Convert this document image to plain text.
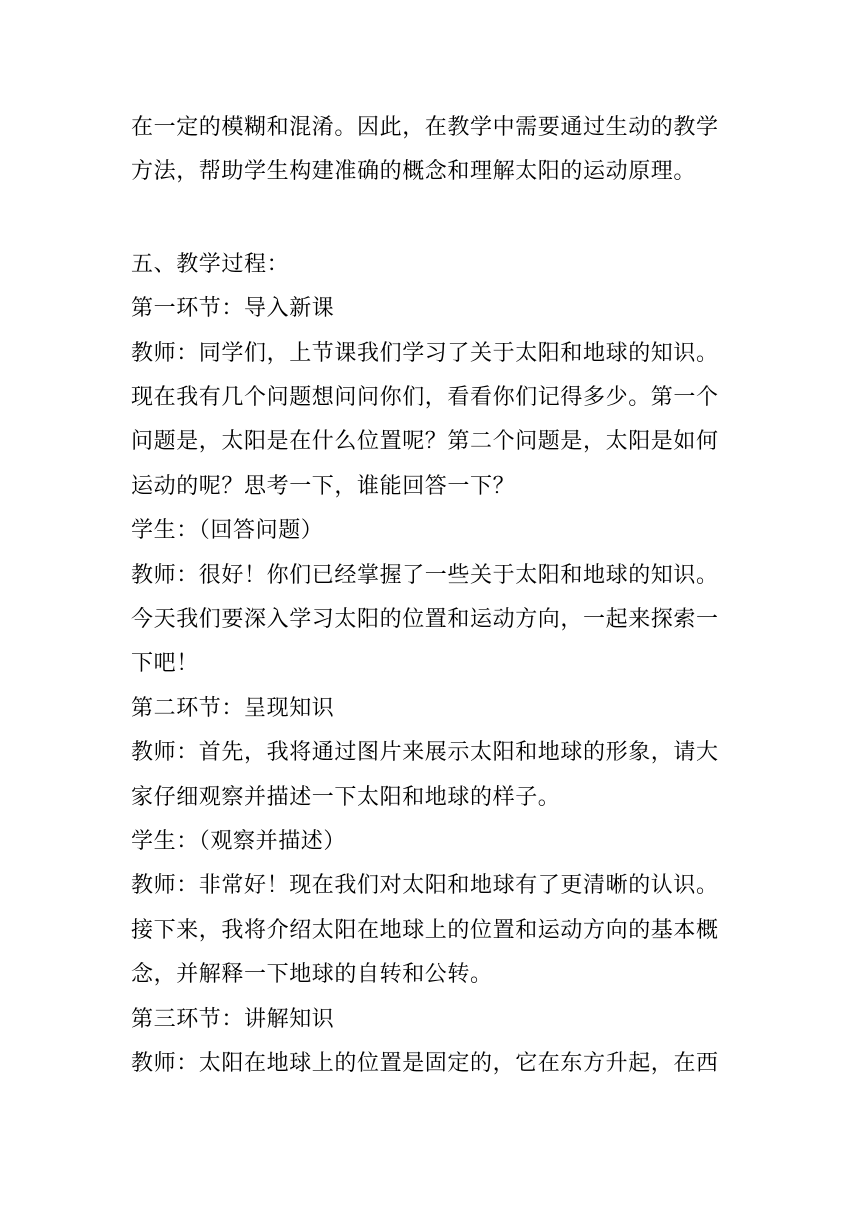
在一定的模糊和混淆。因此，在教学中需要通过生动的教学
方法，帮助学生构建准确的概念和理解太阳的运动原理。
五、教学过程：
第一环节：导入新课
教师：同学们，上节课我们学习了关于太阳和地球的知识。
现在我有几个问题想问问你们，看看你们记得多少。第一个
问题是，太阳是在什么位置呢？第二个问题是，太阳是如何
运动的呢？思考一下，谁能回答一下？
学生：（回答问题）
教师：很好！你们已经掌握了一些关于太阳和地球的知识。
今天我们要深入学习太阳的位置和运动方向，一起来探索一
下吧！
第二环节：呈现知识
教师：首先，我将通过图片来展示太阳和地球的形象，请大
家仔细观察并描述一下太阳和地球的样子。
学生：（观察并描述）
教师：非常好！现在我们对太阳和地球有了更清晰的认识。
接下来，我将介绍太阳在地球上的位置和运动方向的基本概
念，并解释一下地球的自转和公转。
第三环节：讲解知识
教师：太阳在地球上的位置是固定的，它在东方升起，在西
